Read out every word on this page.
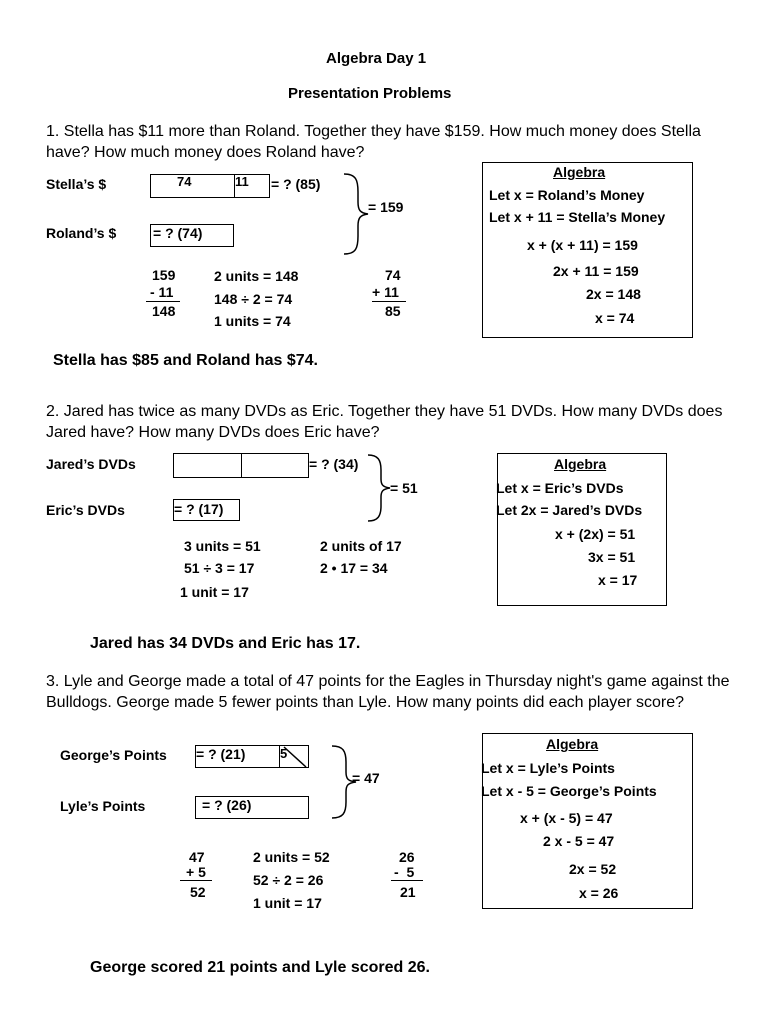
Algebra Day 1
Presentation Problems
1. Stella has $11 more than Roland. Together they have $159. How much money does Stella have? How much money does Roland have?
Stella’s $	74	11 = ? (85)
Roland’s $	= ? (74)
= 159
159
- 11
148
2 units = 148
148 ÷ 2 = 74
1 units = 74
74
+ 11
85
Algebra
Let x = Roland’s Money
Let x + 11 = Stella’s Money
x + (x + 11) = 159
2x + 11 = 159
2x = 148
x = 74
Stella has $85 and Roland has $74.
2. Jared has twice as many DVDs as Eric. Together they have 51 DVDs. How many DVDs does Jared have? How many DVDs does Eric have?
Jared’s DVDs	= ? (34)
Eric’s DVDs	= ? (17)
= 51
3 units = 51
51 ÷ 3 = 17
1 unit = 17
2 units of 17
2 • 17 = 34
Algebra
Let x = Eric’s DVDs
Let 2x = Jared’s DVDs
x + (2x) = 51
3x = 51
x = 17
Jared has 34 DVDs and Eric has 17.
3. Lyle and George made a total of 47 points for the Eagles in Thursday night's game against the Bulldogs. George made 5 fewer points than Lyle. How many points did each player score?
George’s Points = ? (21)	5
Lyle’s Points	= ? (26)
= 47
47
+ 5
52
2 units = 52
52 ÷ 2 = 26
1 unit = 17
26
-  5
21
Algebra
Let x = Lyle’s Points
Let x - 5 = George’s Points
x + (x - 5) = 47
2 x - 5 = 47
2x = 52
x = 26
George scored 21 points and Lyle scored 26.
